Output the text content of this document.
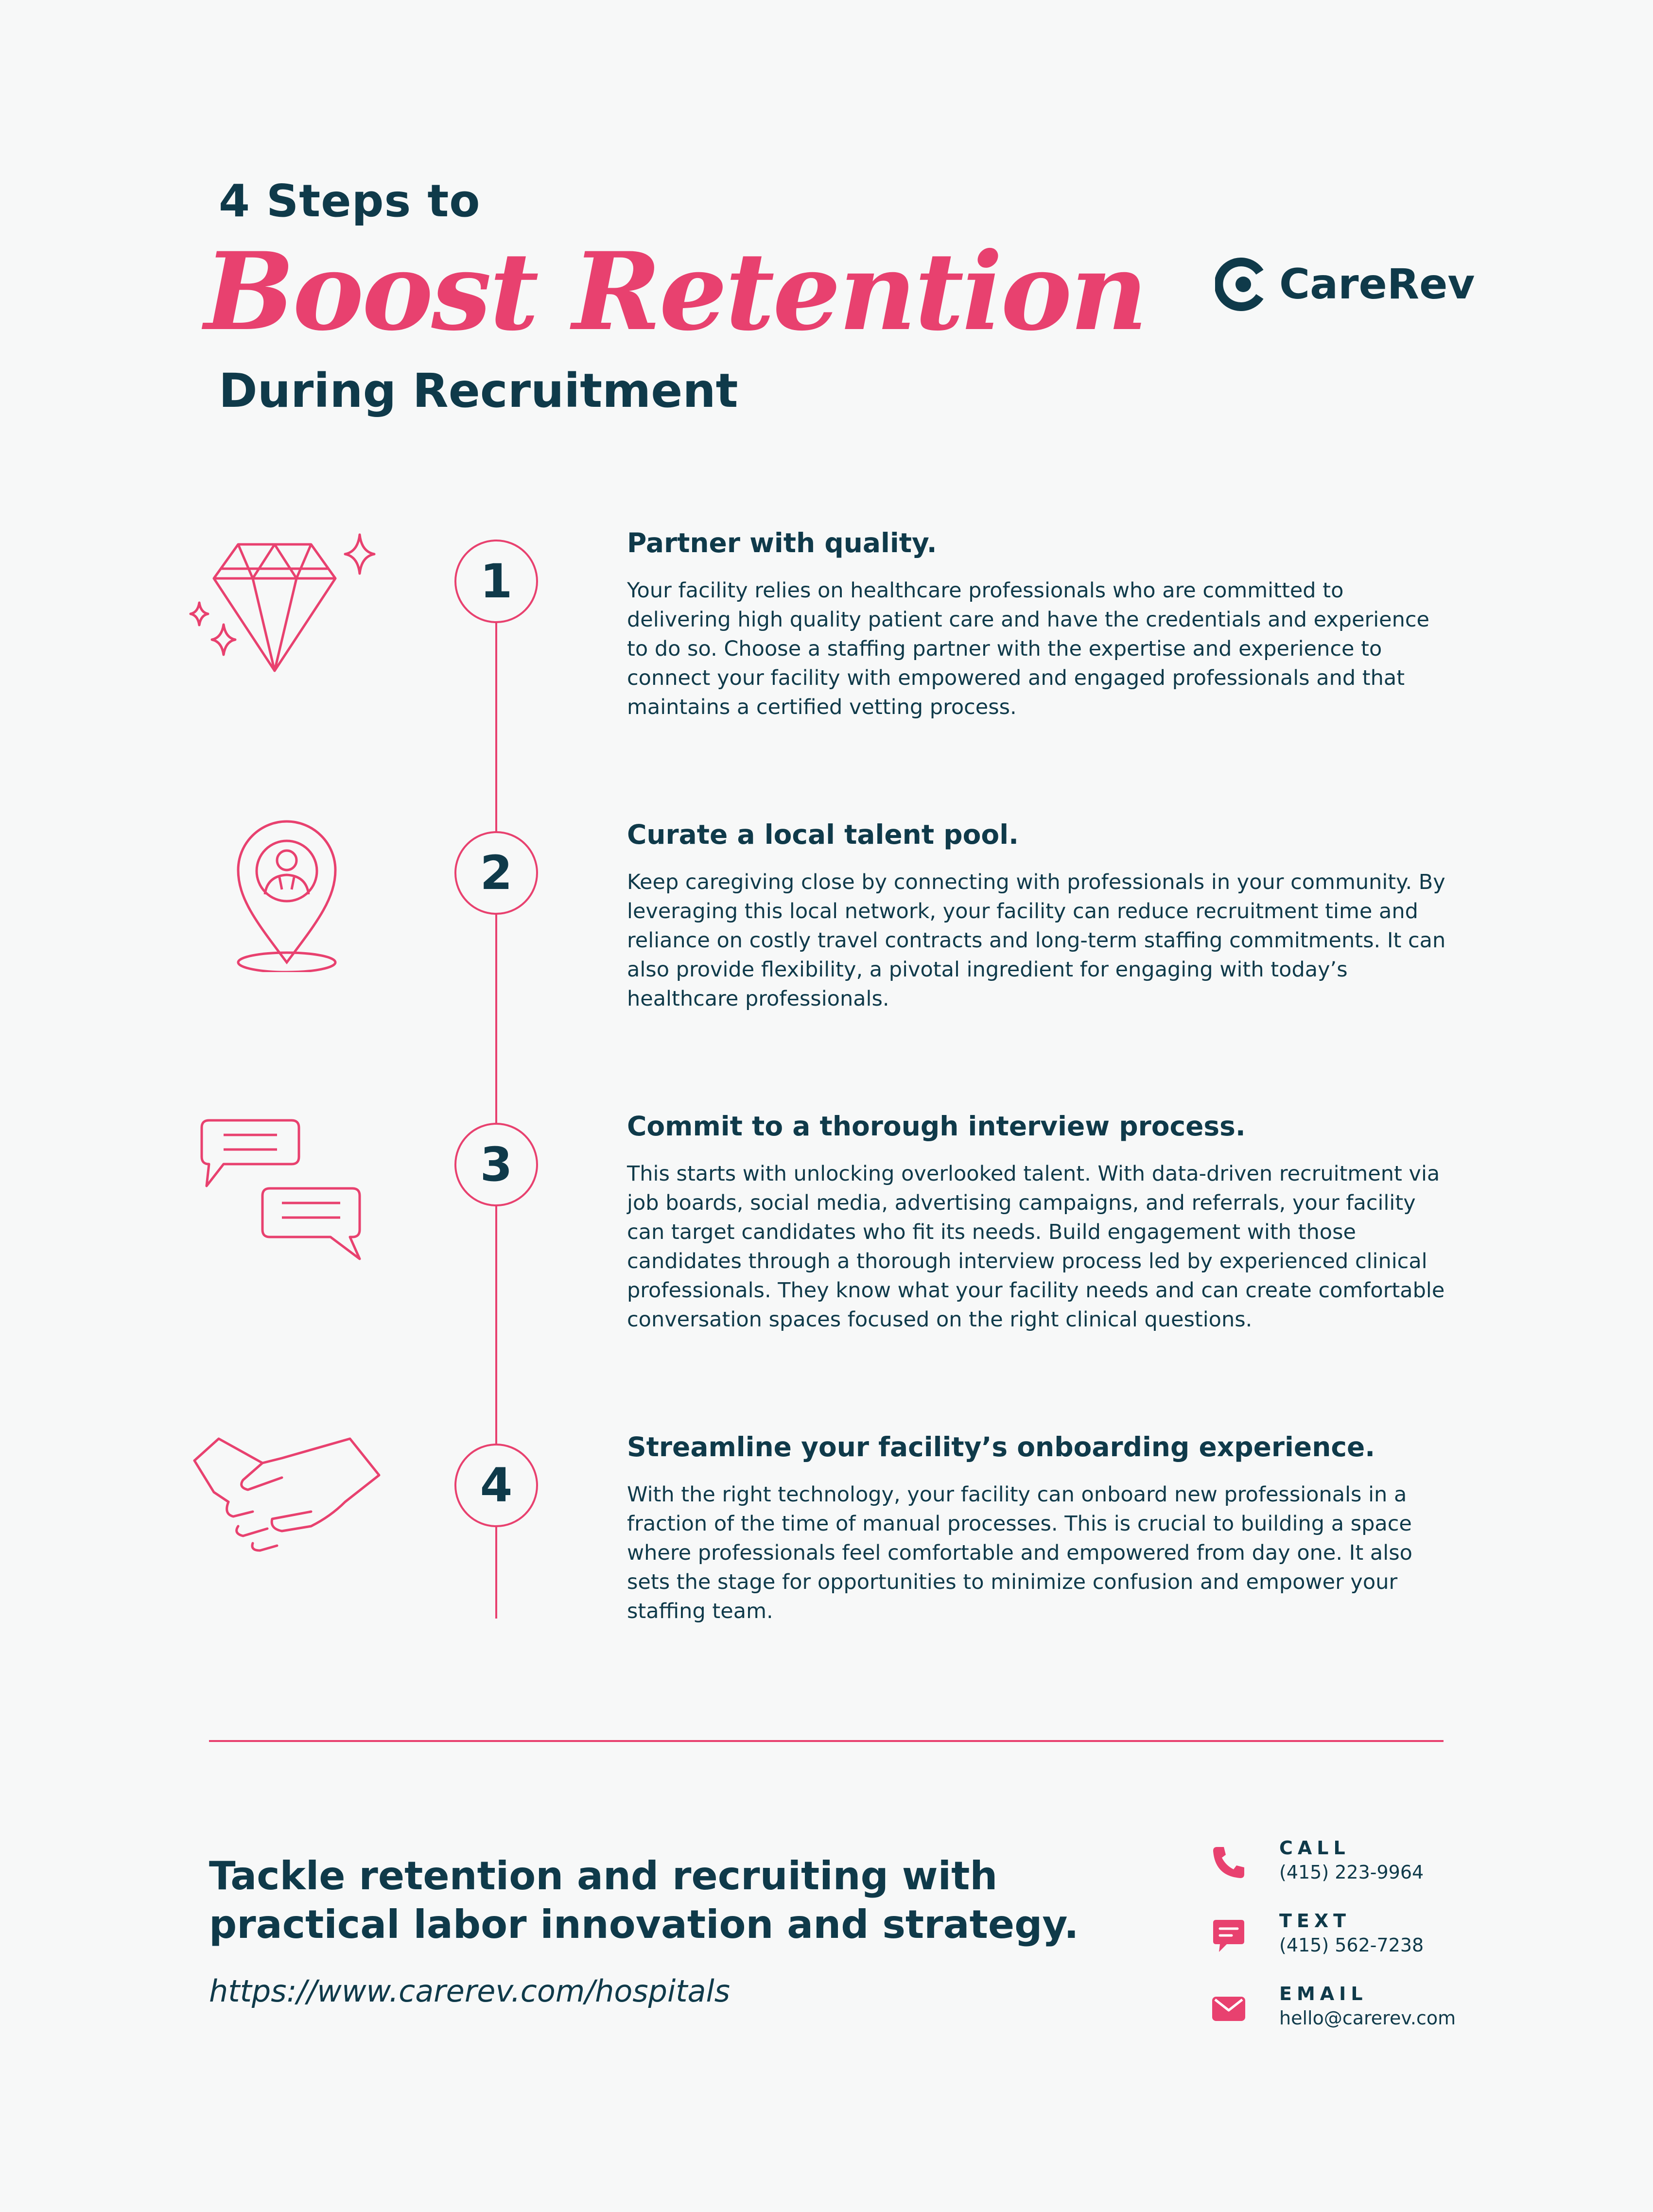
4 Steps to
Boost Retention
During Recruitment
CareRev
1
Partner with quality.
Your facility relies on healthcare professionals who are committed to delivering high quality patient care and have the credentials and experience to do so. Choose a staffing partner with the expertise and experience to connect your facility with empowered and engaged professionals and that maintains a certified vetting process.
2
Curate a local talent pool.
Keep caregiving close by connecting with professionals in your community. By leveraging this local network, your facility can reduce recruitment time and reliance on costly travel contracts and long-term staffing commitments. It can also provide flexibility, a pivotal ingredient for engaging with today’s healthcare professionals.
3
Commit to a thorough interview process.
This starts with unlocking overlooked talent. With data-driven recruitment via job boards, social media, advertising campaigns, and referrals, your facility can target candidates who fit its needs. Build engagement with those candidates through a thorough interview process led by experienced clinical professionals. They know what your facility needs and can create comfortable conversation spaces focused on the right clinical questions.
4
Streamline your facility’s onboarding experience.
With the right technology, your facility can onboard new professionals in a fraction of the time of manual processes. This is crucial to building a space where professionals feel comfortable and empowered from day one. It also sets the stage for opportunities to minimize confusion and empower your staffing team.
Tackle retention and recruiting with practical labor innovation and strategy.
https://www.carerev.com/hospitals
CALL
(415) 223-9964
TEXT
(415) 562-7238
EMAIL
hello@carerev.com
